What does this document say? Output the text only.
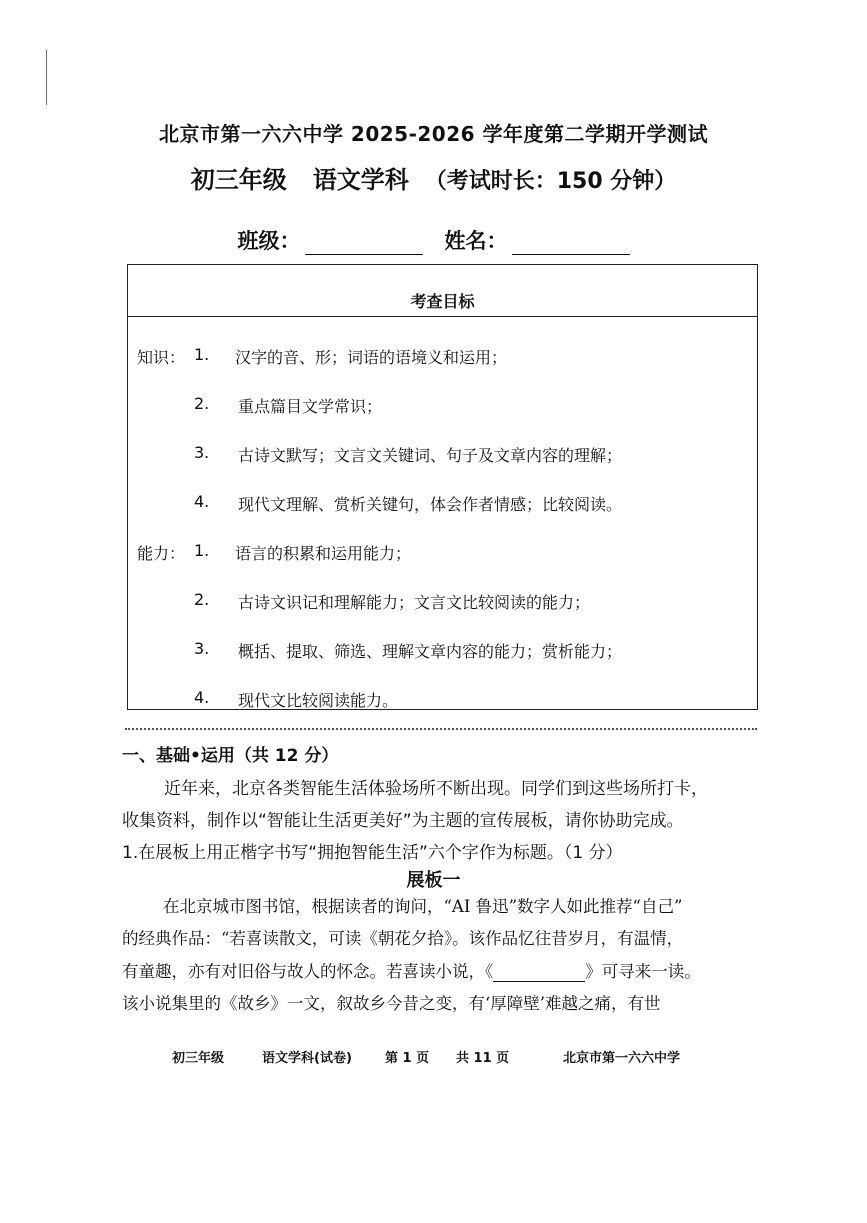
北京市第一六六中学 2025-2026 学年度第二学期开学测试
初三年级 语文学科 （考试时长：150 分钟）
班级：	姓名：
考查目标
知识： 1. 汉字的音、形；词语的语境义和运用；
2. 重点篇目文学常识；
3. 古诗文默写；文言文关键词、句子及文章内容的理解；
4. 现代文理解、赏析关键句，体会作者情感；比较阅读。
能力： 1. 语言的积累和运用能力；
2. 古诗文识记和理解能力；文言文比较阅读的能力；
3. 概括、提取、筛选、理解文章内容的能力；赏析能力；
4. 现代文比较阅读能力。
一、基础•运用（共 12 分）
近年来，北京各类智能生活体验场所不断出现。同学们到这些场所打卡，
收集资料，制作以“智能让生活更美好”为主题的宣传展板，请你协助完成。
1.在展板上用正楷字书写“拥抱智能生活”六个字作为标题。（1 分）
展板一
在北京城市图书馆，根据读者的询问，“AI 鲁迅”数字人如此推荐“自己”
的经典作品：“若喜读散文，可读《朝花夕拾》。该作品忆往昔岁月，有温情，
有童趣，亦有对旧俗与故人的怀念。若喜读小说，《	》可寻来一读。
该小说集里的《故乡》一文，叙故乡今昔之变，有‘厚障壁’难越之痛，有世
初三年级	语文学科(试卷)	第 1 页 共 11 页	北京市第一六六中学
